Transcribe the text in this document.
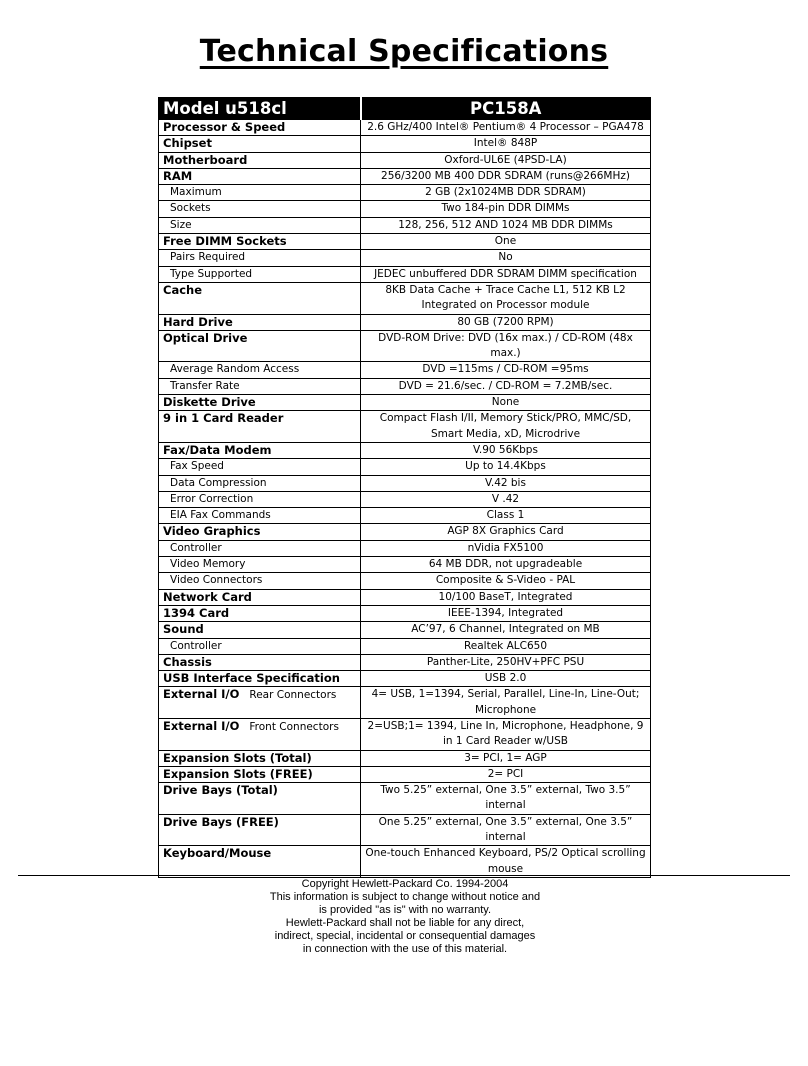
Technical Specifications
Model u518cl	PC158A
Processor & Speed	2.6 GHz/400 Intel® Pentium® 4 Processor – PGA478
Chipset	Intel® 848P
Motherboard	Oxford-UL6E (4PSD-LA)
RAM	256/3200 MB 400 DDR SDRAM (runs@266MHz)
Maximum	2 GB (2x1024MB DDR SDRAM)
Sockets	Two 184-pin DDR DIMMs
Size	128, 256, 512 AND 1024 MB DDR DIMMs
Free DIMM Sockets	One
Pairs Required	No
Type Supported	JEDEC unbuffered DDR SDRAM DIMM specification
Cache	8KB Data Cache + Trace Cache L1, 512 KB L2 Integrated on Processor module
Hard Drive	80 GB (7200 RPM)
Optical Drive	DVD-ROM Drive: DVD (16x max.) / CD-ROM (48x max.)
Average Random Access	DVD =115ms / CD-ROM =95ms
Transfer Rate	DVD = 21.6/sec. / CD-ROM = 7.2MB/sec.
Diskette Drive	None
9 in 1 Card Reader	Compact Flash I/II, Memory Stick/PRO, MMC/SD, Smart Media, xD, Microdrive
Fax/Data Modem	V.90 56Kbps
Fax Speed	Up to 14.4Kbps
Data Compression	V.42 bis
Error Correction	V .42
EIA Fax Commands	Class 1
Video Graphics	AGP 8X Graphics Card
Controller	nVidia FX5100
Video Memory	64 MB DDR, not upgradeable
Video Connectors	Composite & S-Video - PAL
Network Card	10/100 BaseT, Integrated
1394 Card	IEEE-1394, Integrated
Sound	AC’97, 6 Channel, Integrated on MB
Controller	Realtek ALC650
Chassis	Panther-Lite, 250HV+PFC PSU
USB Interface Specification	USB 2.0
External I/O Rear Connectors	4= USB, 1=1394, Serial, Parallel, Line-In, Line-Out; Microphone
External I/O Front Connectors	2=USB;1= 1394, Line In, Microphone, Headphone, 9 in 1 Card Reader w/USB
Expansion Slots (Total)	3= PCI, 1= AGP
Expansion Slots (FREE)	2= PCI
Drive Bays (Total)	Two 5.25” external, One 3.5” external, Two 3.5” internal
Drive Bays (FREE)	One 5.25” external, One 3.5” external, One 3.5” internal
Keyboard/Mouse	One-touch Enhanced Keyboard, PS/2 Optical scrolling mouse
Copyright Hewlett-Packard Co. 1994-2004
This information is subject to change without notice and
is provided "as is" with no warranty.
Hewlett-Packard shall not be liable for any direct,
indirect, special, incidental or consequential damages
in connection with the use of this material.
